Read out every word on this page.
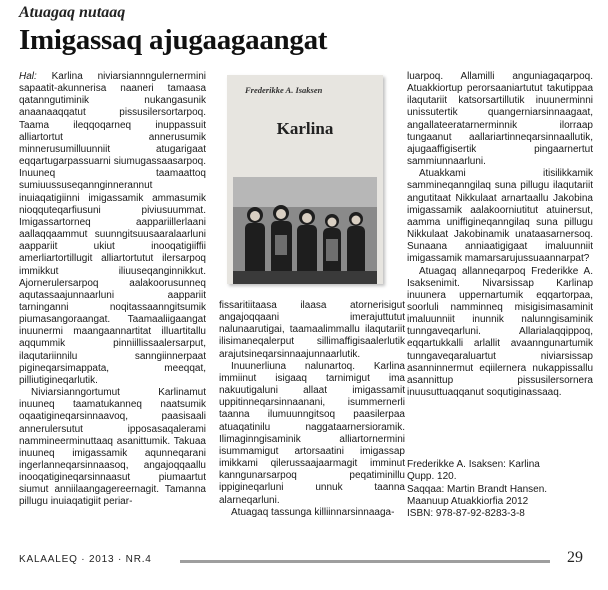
Atuagaq nutaaq
Imigassaq ajugaagaangat

Hal: Karlina niviarsiannngulernermini sapaatit-akunnerisa naaneri tamaasa qatanngutiminik nukangasunik anaanaaqqatut pissusilersortarpoq. Taama ileqqoqarneq inuppassuit alliartortut annerusumik minnerusumilluunniit atugarigaat eqqartugarpassuarni siumugassaasarpoq. Inuuneq taamaattoq sumiuussuseqannginnerannut inuiaqatigiinni imigassamik ammasumik nioqquteqarfiusuni piviusuummat. Imigassartorneq aappariillerlaani aallaqqaammut suunngitsuusaaralaarluni aappariit ukiut inooqatigiiffii amerliartortillugit alliartortutut ilersarpoq immikkut iliuuseqanginnikkut. Ajornerulersarpoq aalakoorusunneq aqutassaajunnaarluni aappariit tarninganni noqitassaanngitsumik piumasangoraangat. Taamaaliigaangat inuunermi maangaannartitat illuartitallu aqqummik pinniillissaalersarput, ilaqutariinnilu sanngiinnerpaat pigineqarsimappata, meeqqat, pilliutigineqarlutik.

Niviarsianngortumut Karlinamut inuuneq taamatukanneq naatsumik oqaatigineqarsinnaavoq, paasisaali annerulersutut ipposasaqalerami nammineerminuttaaq asanittumik. Takuaa inuuneq imigassamik aqunneqarani ingerlanneqarsinnaasoq, angajoqqaallu inooqatigineqarsinnaasut piumaartut siumut anniilaangagereernagit. Tamanna pillugu inuiaqatigiit periar-

Frederikke A. Isaksen
Karlina

fissaritiitaasa ilaasa atornerisigut angajoqqaani imerajuttutut nalunaarutigai, taamaalimmallu ilaqutariit ilisimaneqalerput sillimaffigisaalerlutik arajutsineqarsinnaajunnaarlutik.

Inuunerliuna nalunartoq. Karlina immiinut isigaaq tarnimigut ima nakuutigaluni allaat imigassamit uppitinneqarsinnaanani, isummernerli taanna ilumuunngitsoq paasilerpaa atuaqatinilu naggataarnersioramik. Ilimaginngisaminik alliartornermini isummamigut artorsaatini imigassap imikkami qilerussaajaarmagit imminut kanngunarsarpoq peqatiminillu ippigineqarluni unnuk taanna alarneqarluni.

Atuagaq tassunga killiinnarsinnaaga-

luarpoq. Allamilli anguniagaqarpoq. Atuakkiortup perorsaaniartutut takutippaa ilaqutariit katsorsartillutik inuunerminni unissutertik quangerniarsinnaagaat, angallateeratarnerminnik ilorraap tungaanut aallariartinneqarsinnaallutik, ajugaaffigisertik pingaarnertut sammiunnaarluni.

Atuakkami itisilikkamik sammineqanngilaq suna pillugu ilaqutariit angutitaat Nikkulaat arnartaallu Jakobina imigassamik aalakoorniutitut atuinersut, aamma uniffigineqanngilaq suna pillugu Nikkulaat Jakobinamik unataasarnersoq. Sunaana anniaatigigaat imaluunniit imigassamik mamarsarujussuaannarpat?

Atuagaq allanneqarpoq Frederikke A. Isaksenimit. Nivarsissap Karlinap inuunera uppernartumik eqqartorpaa, soorluli namminneq misigisimasaminit imaluunniit inunnik nalunngisaminik tunngaveqarluni. Allarialaqqippoq, eqqartukkalli arlallit avaanngunartumik tunngaveqaraluartut niviarsissap asanninnermut eqiilernera nukappissallu asannittup pissusilersornera inuusuttuaqqanut soqutiginassaaq.

Frederikke A. Isaksen: Karlina
Qupp. 120.
Saqqaa: Martin Brandt Hansen.
Maanuup Atuakkiorfia 2012
ISBN: 978-87-92-8283-3-8
KALAALEQ · 2013 · NR.4	29
